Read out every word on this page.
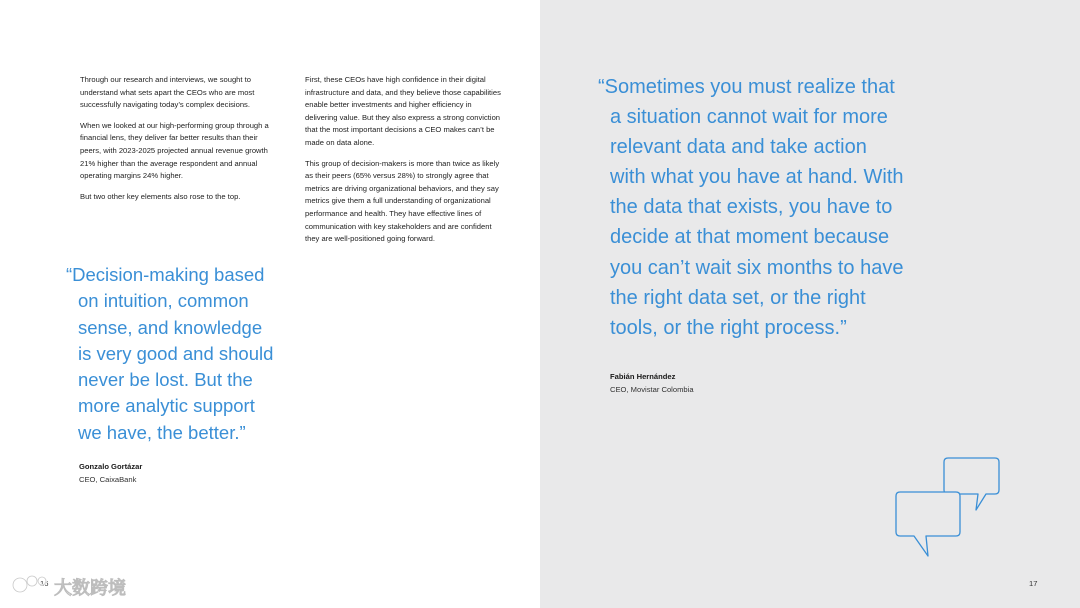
Through our research and interviews, we sought to understand what sets apart the CEOs who are most successfully navigating today’s complex decisions.

When we looked at our high-performing group through a financial lens, they deliver far better results than their peers, with 2023-2025 projected annual revenue growth 21% higher than the average respondent and annual operating margins 24% higher.

But two other key elements also rose to the top.

First, these CEOs have high confidence in their digital infrastructure and data, and they believe those capabilities enable better investments and higher efficiency in delivering value. But they also express a strong conviction that the most important decisions a CEO makes can’t be made on data alone.

This group of decision-makers is more than twice as likely as their peers (65% versus 28%) to strongly agree that metrics are driving organizational behaviors, and they say metrics give them a full understanding of organizational performance and health. They have effective lines of communication with key stakeholders and are confident they are well-positioned going forward.

“Decision-making based
on intuition, common
sense, and knowledge
is very good and should
never be lost. But the
more analytic support
we have, the better.”
Gonzalo Gortázar
CEO, CaixaBank
16 大数跨境
“Sometimes you must realize that
a situation cannot wait for more
relevant data and take action
with what you have at hand. With
the data that exists, you have to
decide at that moment because
you can’t wait six months to have
the right data set, or the right
tools, or the right process.”
Fabián Hernández
CEO, Movistar Colombia
17
